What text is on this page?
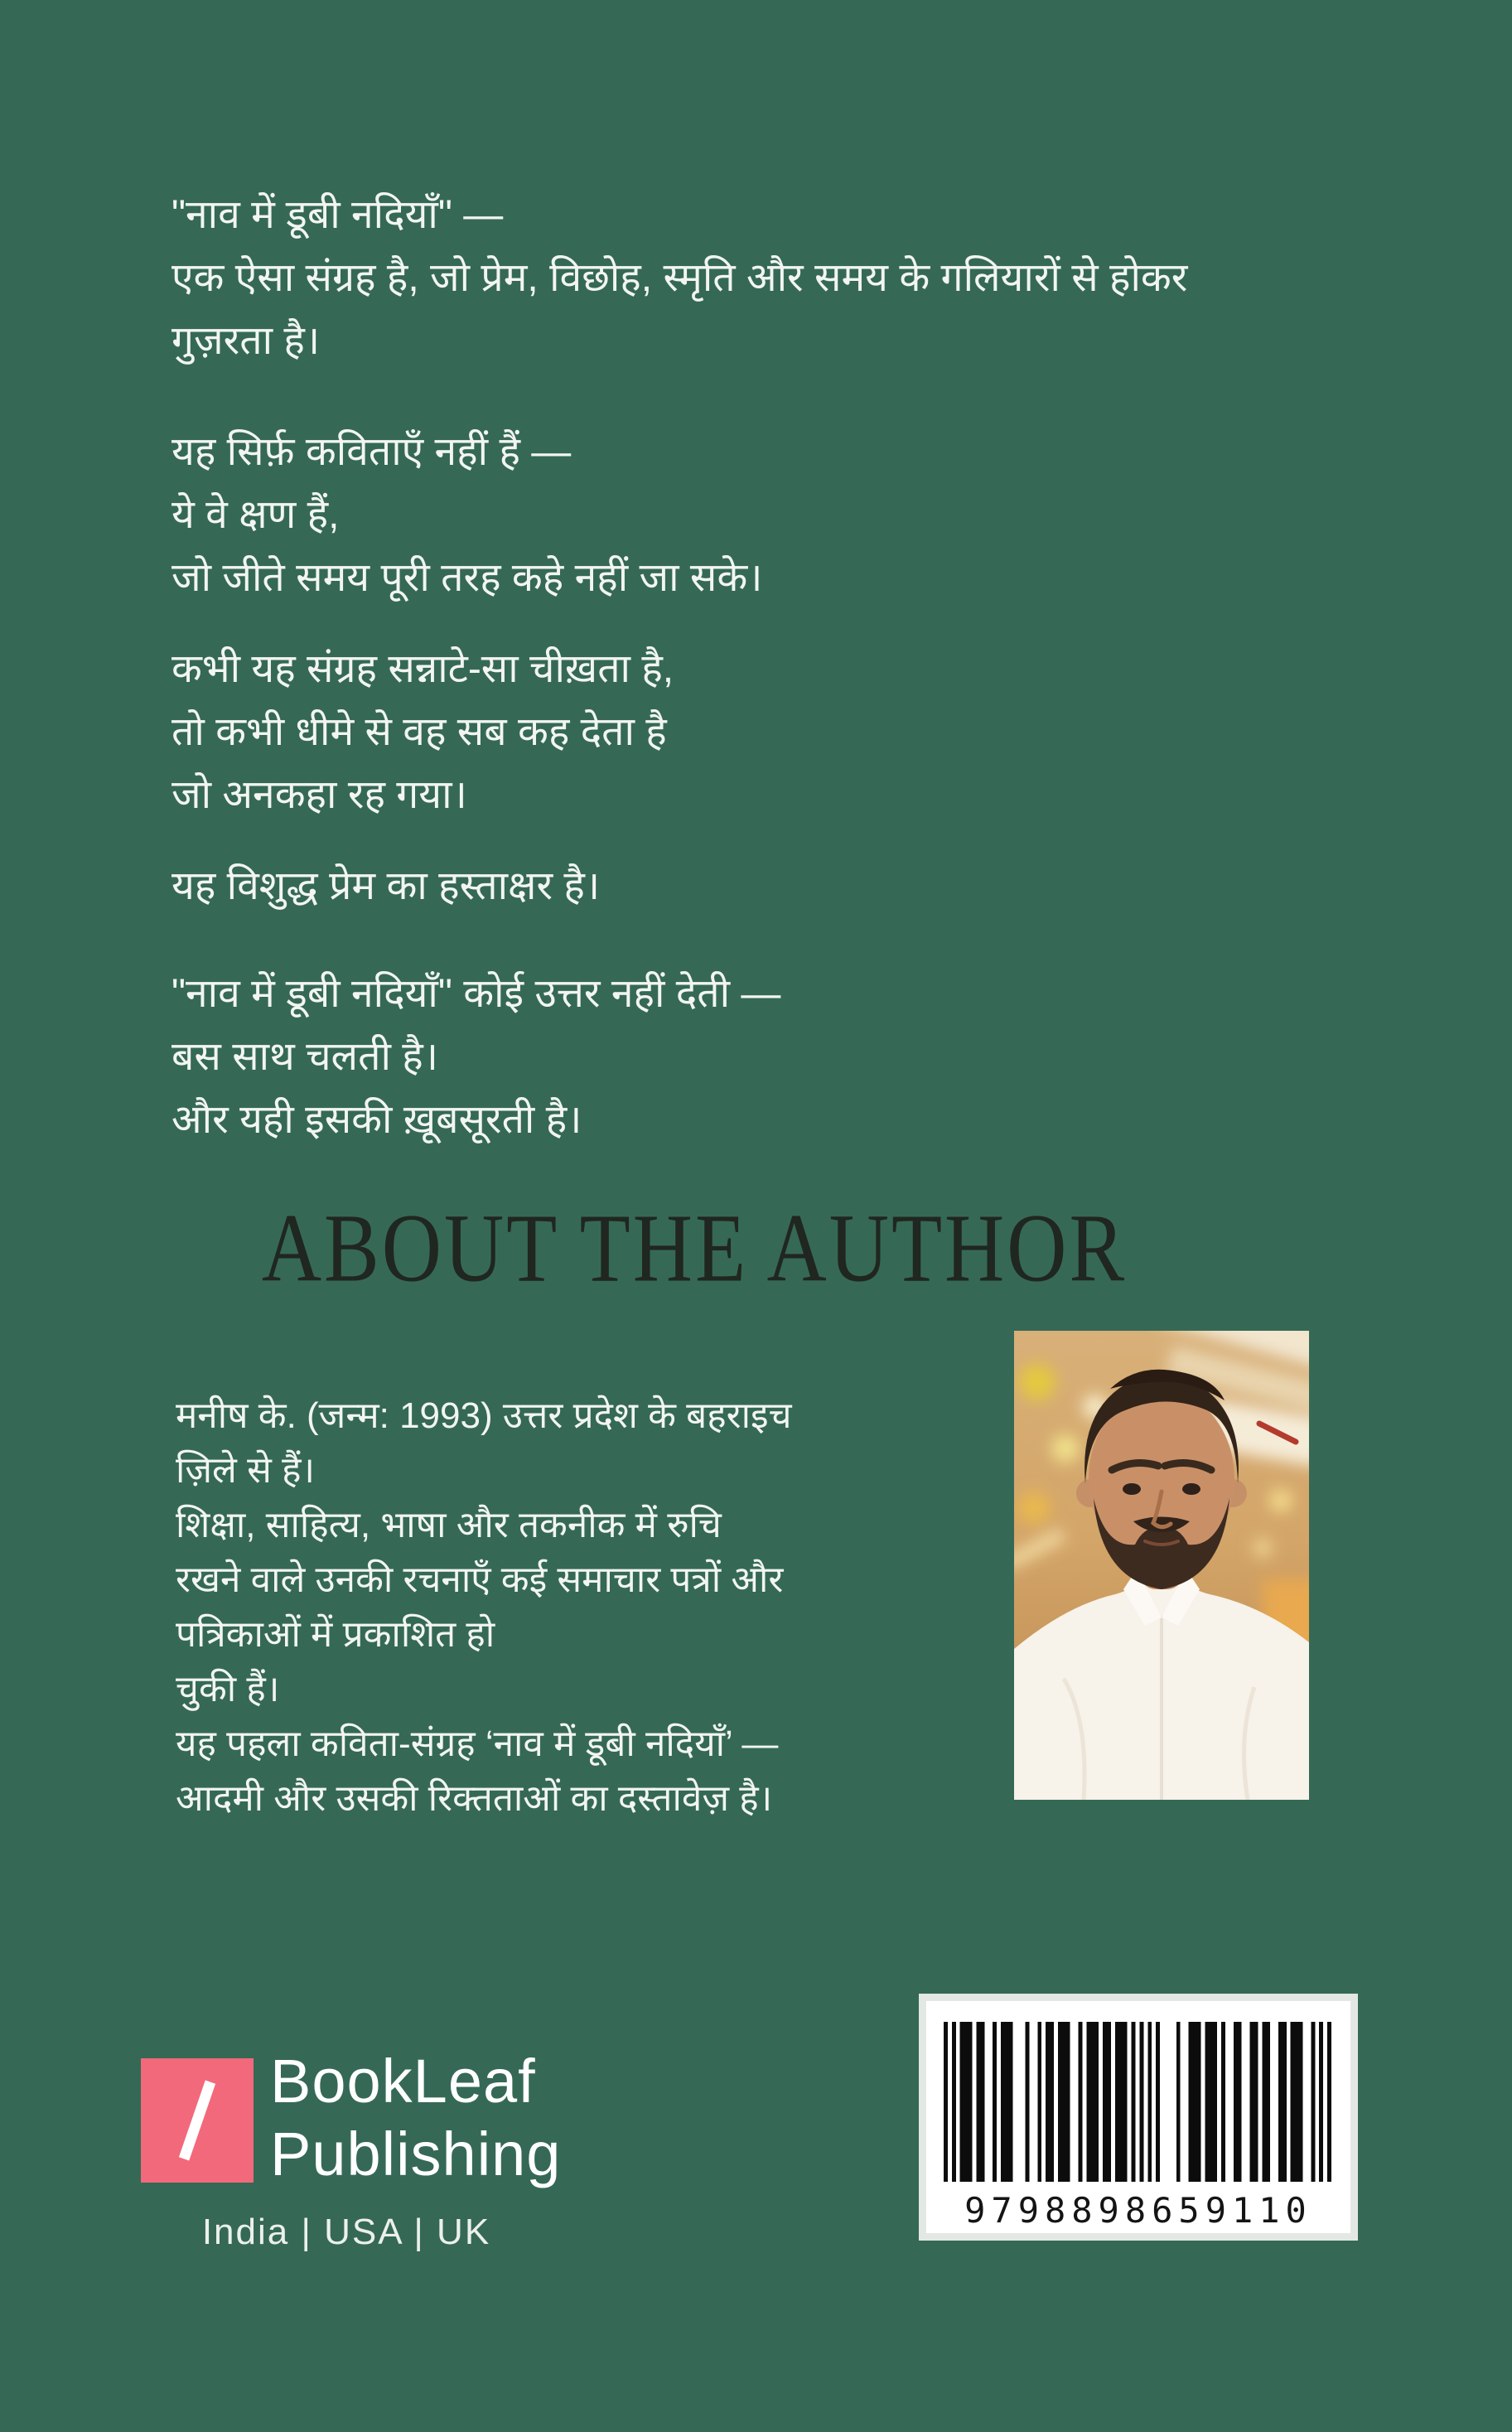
"नाव में डूबी नदियाँ" —
एक ऐसा संग्रह है, जो प्रेम, विछोह, स्मृति और समय के गलियारों से होकर
गुज़रता है।

यह सिर्फ़ कविताएँ नहीं हैं —
ये वे क्षण हैं,
जो जीते समय पूरी तरह कहे नहीं जा सके।

कभी यह संग्रह सन्नाटे-सा चीख़ता है,
तो कभी धीमे से वह सब कह देता है
जो अनकहा रह गया।

यह विशुद्ध प्रेम का हस्ताक्षर है।

"नाव में डूबी नदियाँ" कोई उत्तर नहीं देती —
बस साथ चलती है।
और यही इसकी ख़ूबसूरती है।

ABOUT THE AUTHOR
मनीष के. (जन्म: 1993) उत्तर प्रदेश के बहराइच
ज़िले से हैं।
शिक्षा, साहित्य, भाषा और तकनीक में रुचि
रखने वाले उनकी रचनाएँ कई समाचार पत्रों और
पत्रिकाओं में प्रकाशित हो
चुकी हैं।
यह पहला कविता-संग्रह ‘नाव में डूबी नदियाँ’ —
आदमी और उसकी रिक्तताओं का दस्तावेज़ है।
BookLeaf
Publishing
India | USA | UK
9798898659110
